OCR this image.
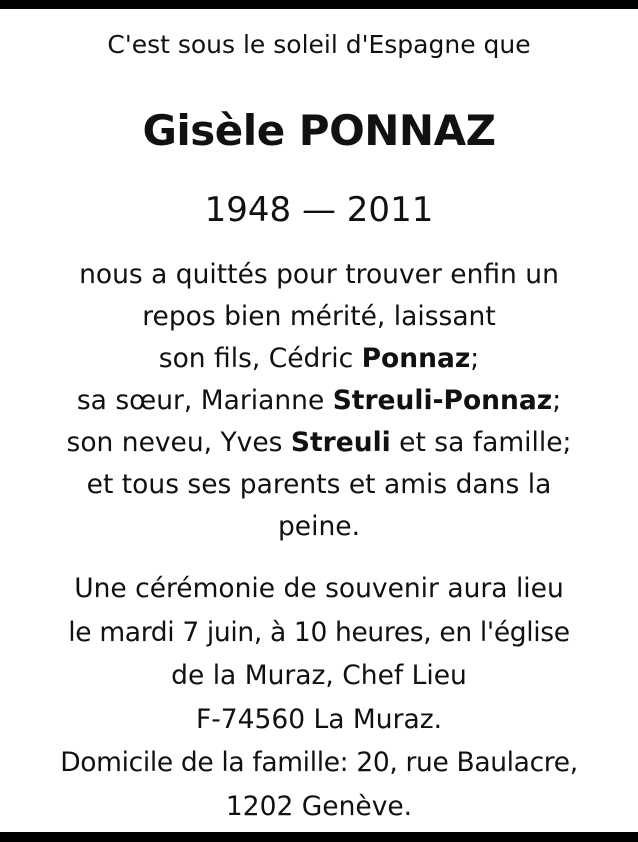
C'est sous le soleil d'Espagne que
Gisèle PONNAZ
1948 — 2011
nous a quittés pour trouver enfin un
repos bien mérité, laissant
son fils, Cédric Ponnaz;
sa sœur, Marianne Streuli-Ponnaz;
son neveu, Yves Streuli et sa famille;
et tous ses parents et amis dans la
peine.
Une cérémonie de souvenir aura lieu
le mardi 7 juin, à 10 heures, en l'église
de la Muraz, Chef Lieu
F-74560 La Muraz.
Domicile de la famille: 20, rue Baulacre,
1202 Genève.
